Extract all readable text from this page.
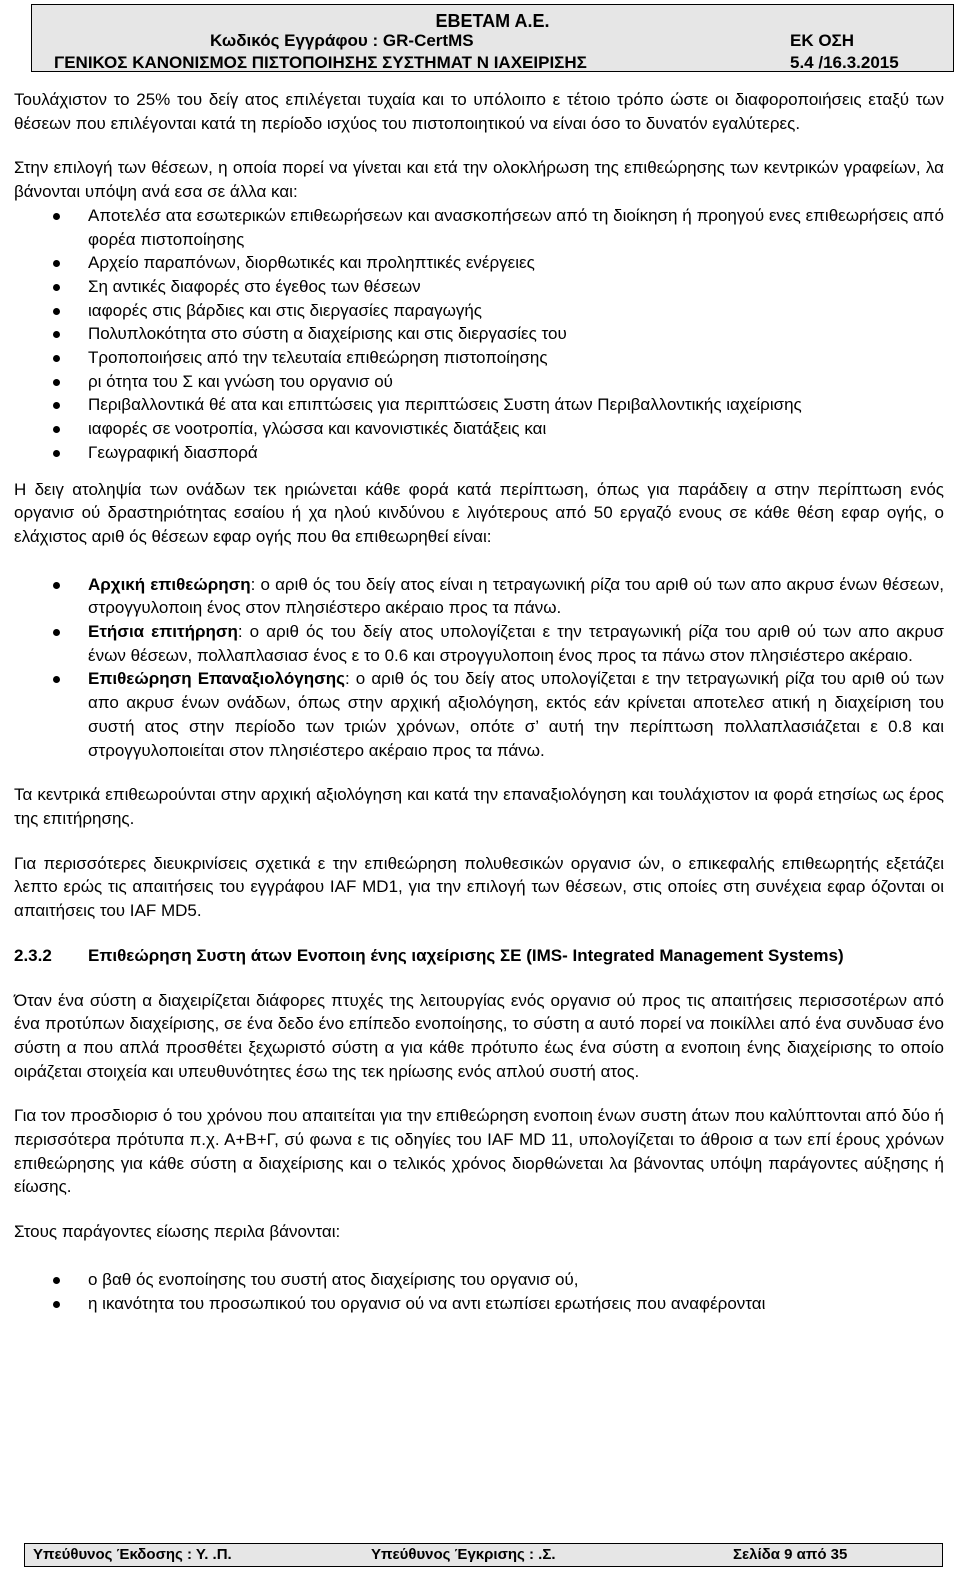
ΕΒΕΤΑΜ Α.Ε.
Κωδικός Εγγράφου : GR-CertMS
ΓΕΝΙΚΟΣ ΚΑΝΟΝΙΣΜΟΣ ΠΙΣΤΟΠΟΙΗΣΗΣ ΣΥΣΤΗΜΑΤ Ν ΙΑΧΕΙΡΙΣΗΣ
ΕΚ ΟΣΗ
5.4 /16.3.2015

Τουλάχιστον το 25% του δείγ ατος επιλέγεται τυχαία και το υπόλοιπο ε τέτοιο τρόπο ώστε οι διαφοροποιήσεις εταξύ των θέσεων που επιλέγονται κατά τη περίοδο ισχύος του πιστοποιητικού να είναι όσο το δυνατόν εγαλύτερες.

Στην επιλογή των θέσεων, η οποία πορεί να γίνεται και ετά την ολοκλήρωση της επιθεώρησης των κεντρικών γραφείων, λα βάνονται υπόψη ανά εσα σε άλλα και:

Αποτελέσ ατα εσωτερικών επιθεωρήσεων και ανασκοπήσεων από τη διοίκηση ή προηγού ενες επιθεωρήσεις από φορέα πιστοποίησης
Αρχείο παραπόνων, διορθωτικές και προληπτικές ενέργειες
Ση αντικές διαφορές στο έγεθος των θέσεων
ιαφορές στις βάρδιες και στις διεργασίες παραγωγής
Πολυπλοκότητα στο σύστη α διαχείρισης και στις διεργασίες του
Τροποποιήσεις από την τελευταία επιθεώρηση πιστοποίησης
ρι ότητα του Σ και γνώση του οργανισ ού
Περιβαλλοντικά θέ ατα και επιπτώσεις για περιπτώσεις Συστη άτων Περιβαλλοντικής ιαχείρισης
ιαφορές σε νοοτροπία, γλώσσα και κανονιστικές διατάξεις και
Γεωγραφική διασπορά

Η δειγ ατοληψία των ονάδων τεκ ηριώνεται κάθε φορά κατά περίπτωση, όπως για παράδειγ α στην περίπτωση ενός οργανισ ού δραστηριότητας εσαίου ή χα ηλού κινδύνου ε λιγότερους από 50 εργαζό ενους σε κάθε θέση εφαρ ογής, ο ελάχιστος αριθ ός θέσεων εφαρ ογής που θα επιθεωρηθεί είναι:

Αρχική επιθεώρηση: ο αριθ ός του δείγ ατος είναι η τετραγωνική ρίζα του αριθ ού των απο ακρυσ ένων θέσεων, στρογγυλοποιη ένος στον πλησιέστερο ακέραιο προς τα πάνω.
Ετήσια επιτήρηση: ο αριθ ός του δείγ ατος υπολογίζεται ε την τετραγωνική ρίζα του αριθ ού των απο ακρυσ ένων θέσεων, πολλαπλασιασ ένος ε το 0.6 και στρογγυλοποιη ένος προς τα πάνω στον πλησιέστερο ακέραιο.
Επιθεώρηση Επαναξιολόγησης: ο αριθ ός του δείγ ατος υπολογίζεται ε την τετραγωνική ρίζα του αριθ ού των απο ακρυσ ένων ονάδων, όπως στην αρχική αξιολόγηση, εκτός εάν κρίνεται αποτελεσ ατική η διαχείριση του συστή ατος στην περίοδο των τριών χρόνων, οπότε σ’ αυτή την περίπτωση πολλαπλασιάζεται ε 0.8 και στρογγυλοποιείται στον πλησιέστερο ακέραιο προς τα πάνω.

Τα κεντρικά επιθεωρούνται στην αρχική αξιολόγηση και κατά την επαναξιολόγηση και τουλάχιστον ια φορά ετησίως ως έρος της επιτήρησης.

Για περισσότερες διευκρινίσεις σχετικά ε την επιθεώρηση πολυθεσικών οργανισ ών, ο επικεφαλής επιθεωρητής εξετάζει λεπτο ερώς τις απαιτήσεις του εγγράφου IAF MD1, για την επιλογή των θέσεων, στις οποίες στη συνέχεια εφαρ όζονται οι απαιτήσεις του IAF MD5.

2.3.2 Επιθεώρηση Συστη άτων Ενοποιη ένης ιαχείρισης ΣΕ (IMS- Integrated Management Systems)

Όταν ένα σύστη α διαχειρίζεται διάφορες πτυχές της λειτουργίας ενός οργανισ ού προς τις απαιτήσεις περισσοτέρων από ένα προτύπων διαχείρισης, σε ένα δεδο ένο επίπεδο ενοποίησης, το σύστη α αυτό πορεί να ποικίλλει από ένα συνδυασ ένο σύστη α που απλά προσθέτει ξεχωριστό σύστη α για κάθε πρότυπο έως ένα σύστη α ενοποιη ένης διαχείρισης το οποίο οιράζεται στοιχεία και υπευθυνότητες έσω της τεκ ηρίωσης ενός απλού συστή ατος.

Για τον προσδιορισ ό του χρόνου που απαιτείται για την επιθεώρηση ενοποιη ένων συστη άτων που καλύπτονται από δύο ή περισσότερα πρότυπα π.χ. Α+Β+Γ, σύ φωνα ε τις οδηγίες του IAF MD 11, υπολογίζεται το άθροισ α των επί έρους χρόνων επιθεώρησης για κάθε σύστη α διαχείρισης και ο τελικός χρόνος διορθώνεται λα βάνοντας υπόψη παράγοντες αύξησης ή είωσης.

Στους παράγοντες είωσης περιλα βάνονται:

ο βαθ ός ενοποίησης του συστή ατος διαχείρισης του οργανισ ού,
η ικανότητα του προσωπικού του οργανισ ού να αντι ετωπίσει ερωτήσεις που αναφέρονται
Υπεύθυνος Έκδοσης : Υ. .Π.	Υπεύθυνος Έγκρισης : .Σ.	Σελίδα 9 από 35
